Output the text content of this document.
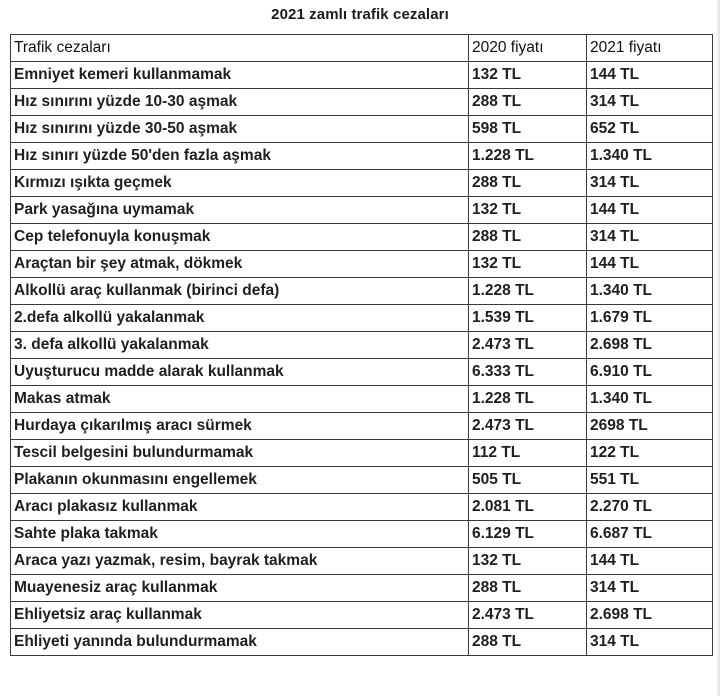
2021 zamlı trafik cezaları
Trafik cezaları	2020 fiyatı	2021 fiyatı
Emniyet kemeri kullanmamak	132 TL	144 TL
Hız sınırını yüzde 10-30 aşmak	288 TL	314 TL
Hız sınırını yüzde 30-50 aşmak	598 TL	652 TL
Hız sınırı yüzde 50'den fazla aşmak	1.228 TL	1.340 TL
Kırmızı ışıkta geçmek	288 TL	314 TL
Park yasağına uymamak	132 TL	144 TL
Cep telefonuyla konuşmak	288 TL	314 TL
Araçtan bir şey atmak, dökmek	132 TL	144 TL
Alkollü araç kullanmak (birinci defa)	1.228 TL	1.340 TL
2.defa alkollü yakalanmak	1.539 TL	1.679 TL
3. defa alkollü yakalanmak	2.473 TL	2.698 TL
Uyuşturucu madde alarak kullanmak	6.333 TL	6.910 TL
Makas atmak	1.228 TL	1.340 TL
Hurdaya çıkarılmış aracı sürmek	2.473 TL	2698 TL
Tescil belgesini bulundurmamak	112 TL	122 TL
Plakanın okunmasını engellemek	505 TL	551 TL
Aracı plakasız kullanmak	2.081 TL	2.270 TL
Sahte plaka takmak	6.129 TL	6.687 TL
Araca yazı yazmak, resim, bayrak takmak	132 TL	144 TL
Muayenesiz araç kullanmak	288 TL	314 TL
Ehliyetsiz araç kullanmak	2.473 TL	2.698 TL
Ehliyeti yanında bulundurmamak	288 TL	314 TL
